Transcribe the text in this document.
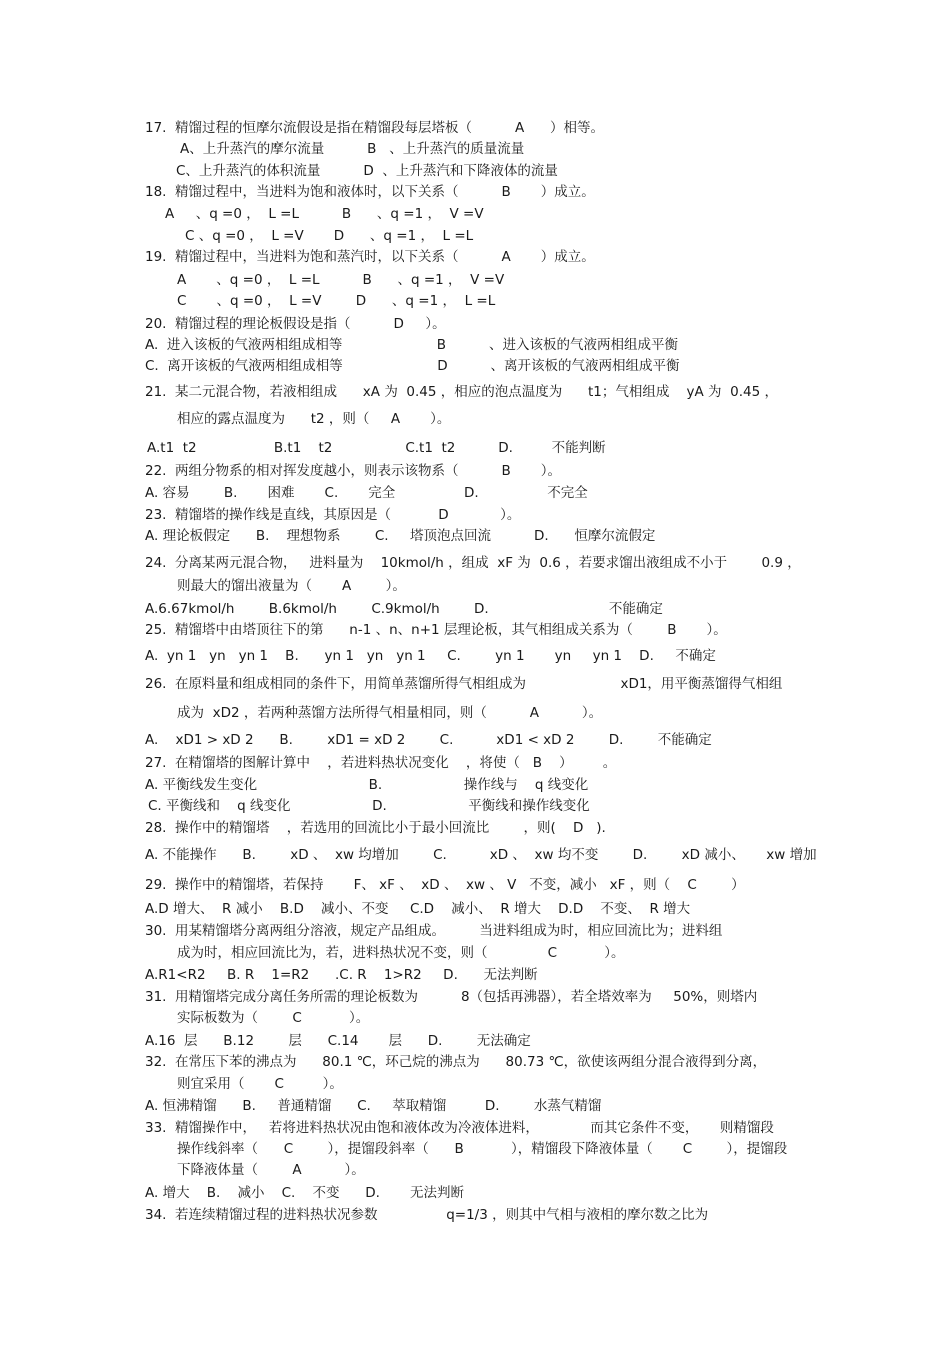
17.  精馏过程的恒摩尔流假设是指在精馏段每层塔板（          A      ）相等。
A、上升蒸汽的摩尔流量          B   、上升蒸汽的质量流量
C、上升蒸汽的体积流量          D  、上升蒸汽和下降液体的流量
18.  精馏过程中，当进料为饱和液体时，以下关系（          B       ）成立。
A     、q =0 ，  L =L          B      、q =1 ，  V =V
C 、q =0 ，  L =V       D      、q =1 ，  L =L
19.  精馏过程中，当进料为饱和蒸汽时，以下关系（          A       ）成立。
A       、q =0 ，  L =L          B      、q =1 ，  V =V
C       、q =0 ，  L =V        D      、q =1 ，  L =L
20.  精馏过程的理论板假设是指（          D     ）。
A.  进入该板的气液两相组成相等                      B          、进入该板的气液两相组成平衡
C.  离开该板的气液两相组成相等                      D          、离开该板的气液两相组成平衡
21.  某二元混合物，若液相组成      xA 为  0.45 ，相应的泡点温度为      t1；气相组成    yA 为  0.45 ，
相应的露点温度为      t2 ，则（     A       ）。
A.t1  t2                  B.t1    t2                 C.t1  t2          D.         不能判断
22.  两组分物系的相对挥发度越小，则表示该物系（          B       ）。
A. 容易        B.       困难       C.       完全                D.                不完全
23.  精馏塔的操作线是直线，其原因是（           D            ）。
A. 理论板假定      B.    理想物系        C.     塔顶泡点回流          D.      恒摩尔流假定
24.  分离某两元混合物，   进料量为    10kmol/h ，组成  xF 为  0.6 ，若要求馏出液组成不小于        0.9 ，
则最大的馏出液量为（       A        ）。
A.6.67kmol/h        B.6kmol/h        C.9kmol/h        D.                            不能确定
25.  精馏塔中由塔顶往下的第      n-1 、n、n+1 层理论板，其气相组成关系为（        B       ）。
A.  yn 1   yn   yn 1    B.      yn 1   yn   yn 1     C.        yn 1       yn     yn 1    D.     不确定
26.  在原料量和组成相同的条件下，用简单蒸馏所得气相组成为                      xD1，用平衡蒸馏得气相组
成为  xD2 ，若两种蒸馏方法所得气相量相同，则（          A          ）。
A.    xD1 > xD 2      B.        xD1 = xD 2        C.          xD1 < xD 2        D.        不能确定
27.  在精馏塔的图解计算中    ，若进料热状况变化    ，将使（   B    ）       。
A. 平衡线发生变化                          B.                   操作线与    q 线变化
C. 平衡线和    q 线变化                   D.                   平衡线和操作线变化
28.  操作中的精馏塔    ，若选用的回流比小于最小回流比        ，则(    D   ).
A. 不能操作      B.        xD 、  xw 均增加        C.          xD 、  xw 均不变        D.        xD 减小、     xw 增加
29.  操作中的精馏塔，若保持       F、 xF 、  xD 、  xw 、 V   不变，减小   xF ，则（    C        ）
A.D 增大、  R 减小    B.D    减小、不变     C.D    减小、  R 增大    D.D    不变、  R 增大
30.  用某精馏塔分离两组分溶液，规定产品组成。        当进料组成为时，相应回流比为；进料组
成为时，相应回流比为，若，进料热状况不变，则（              C           ）。
A.R1<R2     B. R    1=R2      .C. R    1>R2     D.      无法判断
31.  用精馏塔完成分离任务所需的理论板数为          8（包括再沸器），若全塔效率为     50%，则塔内
实际板数为（        C           ）。
A.16  层      B.12        层      C.14       层      D.        无法确定
32.  在常压下苯的沸点为      80.1 ℃，环己烷的沸点为      80.73 ℃，欲使该两组分混合液得到分离，
则宜采用（       C         ）。
A. 恒沸精馏      B.     普通精馏      C.     萃取精馏         D.        水蒸气精馏
33.  精馏操作中，   若将进料热状况由饱和液体改为冷液体进料，            而其它条件不变，     则精馏段
操作线斜率（      C        ），提馏段斜率（      B           ），精馏段下降液体量（       C        ），提馏段
下降液体量（        A          ）。
A. 增大    B.    减小    C.    不变      D.       无法判断
34.  若连续精馏过程的进料热状况参数                q=1/3 ，则其中气相与液相的摩尔数之比为
